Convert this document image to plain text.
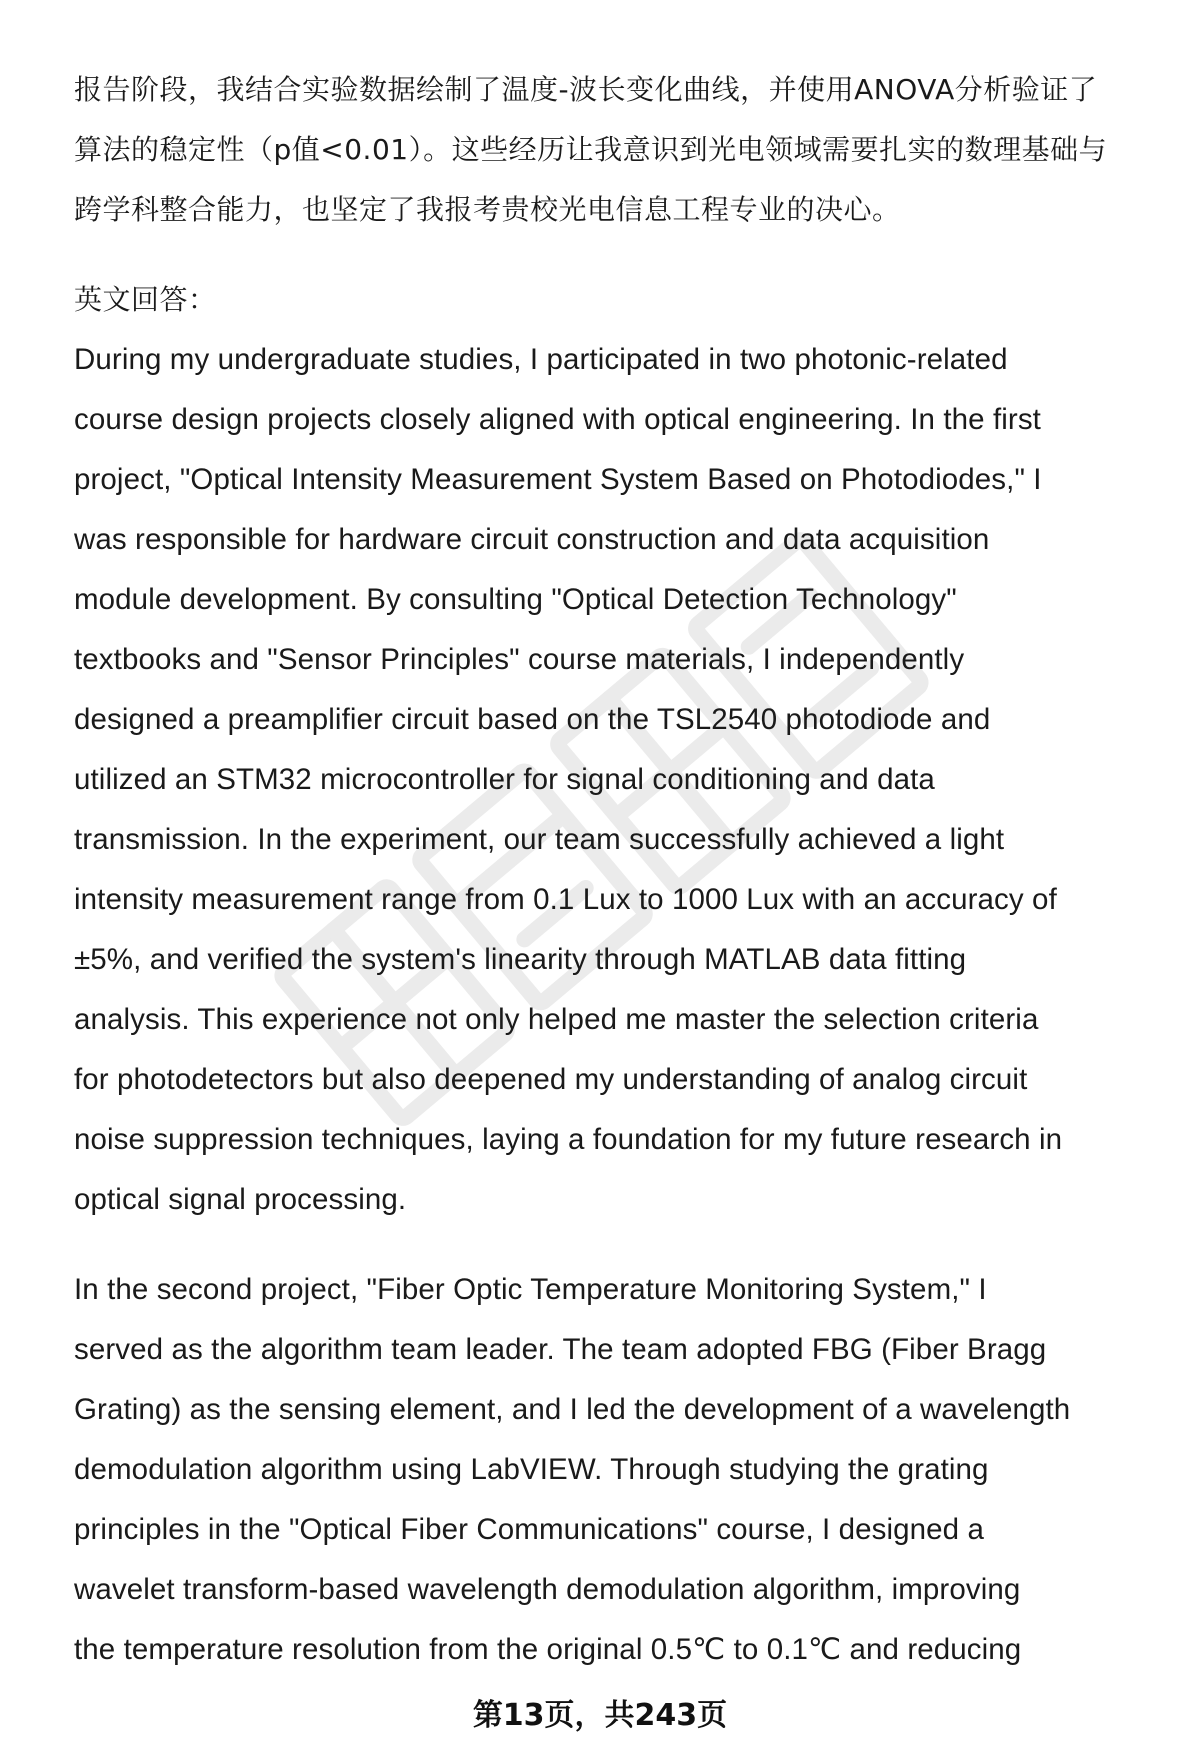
报告阶段，我结合实验数据绘制了温度-波长变化曲线，并使用ANOVA分析验证了
算法的稳定性（p值<0.01）。这些经历让我意识到光电领域需要扎实的数理基础与
跨学科整合能力，也坚定了我报考贵校光电信息工程专业的决心。
英文回答：
During my undergraduate studies, I participated in two photonic-related
course design projects closely aligned with optical engineering. In the first
project, "Optical Intensity Measurement System Based on Photodiodes," I
was responsible for hardware circuit construction and data acquisition
module development. By consulting "Optical Detection Technology"
textbooks and "Sensor Principles" course materials, I independently
designed a preamplifier circuit based on the TSL2540 photodiode and
utilized an STM32 microcontroller for signal conditioning and data
transmission. In the experiment, our team successfully achieved a light
intensity measurement range from 0.1 Lux to 1000 Lux with an accuracy of
±5%, and verified the system's linearity through MATLAB data fitting
analysis. This experience not only helped me master the selection criteria
for photodetectors but also deepened my understanding of analog circuit
noise suppression techniques, laying a foundation for my future research in
optical signal processing.
In the second project, "Fiber Optic Temperature Monitoring System," I
served as the algorithm team leader. The team adopted FBG (Fiber Bragg
Grating) as the sensing element, and I led the development of a wavelength
demodulation algorithm using LabVIEW. Through studying the grating
principles in the "Optical Fiber Communications" course, I designed a
wavelet transform-based wavelength demodulation algorithm, improving
the temperature resolution from the original 0.5℃ to 0.1℃ and reducing
第13页，共243页
